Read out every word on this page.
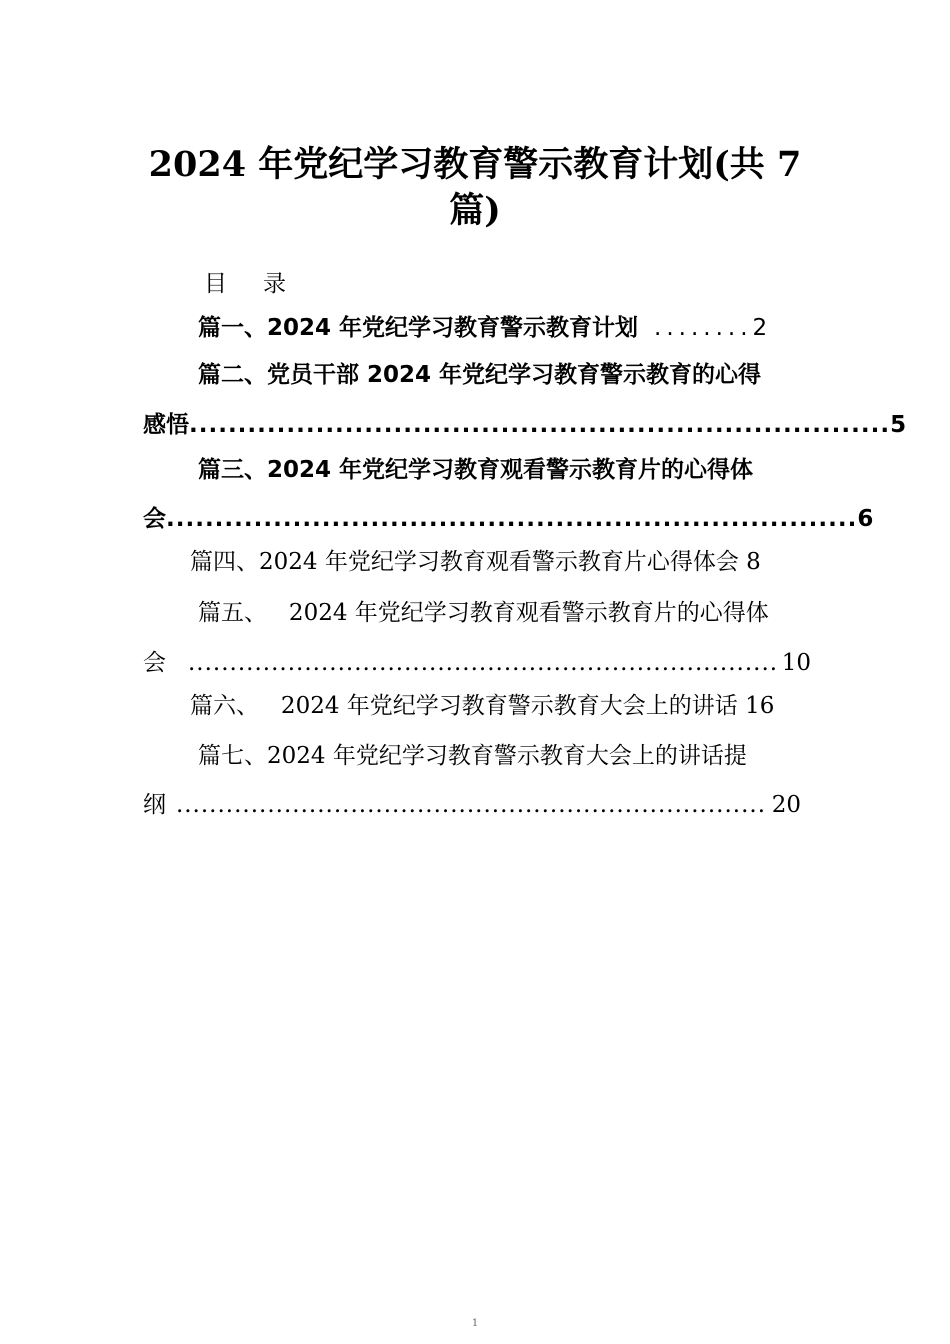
2024 年党纪学习教育警示教育计划(共 7
篇)
目 录
篇一、2024 年党纪学习教育警示教育计划 ........ 2
篇二、党员干部 2024 年党纪学习教育警示教育的心得
感悟 ........................................................................ 5
篇三、2024 年党纪学习教育观看警示教育片的心得体
会 ....................................................................... 6
篇四、2024 年党纪学习教育观看警示教育片心得体会 8
篇五、   2024 年党纪学习教育观看警示教育片的心得体
会 ....................................................................... 10
篇六、   2024 年党纪学习教育警示教育大会上的讲话 16
篇七、2024 年党纪学习教育警示教育大会上的讲话提
纲 ....................................................................... 20
1
